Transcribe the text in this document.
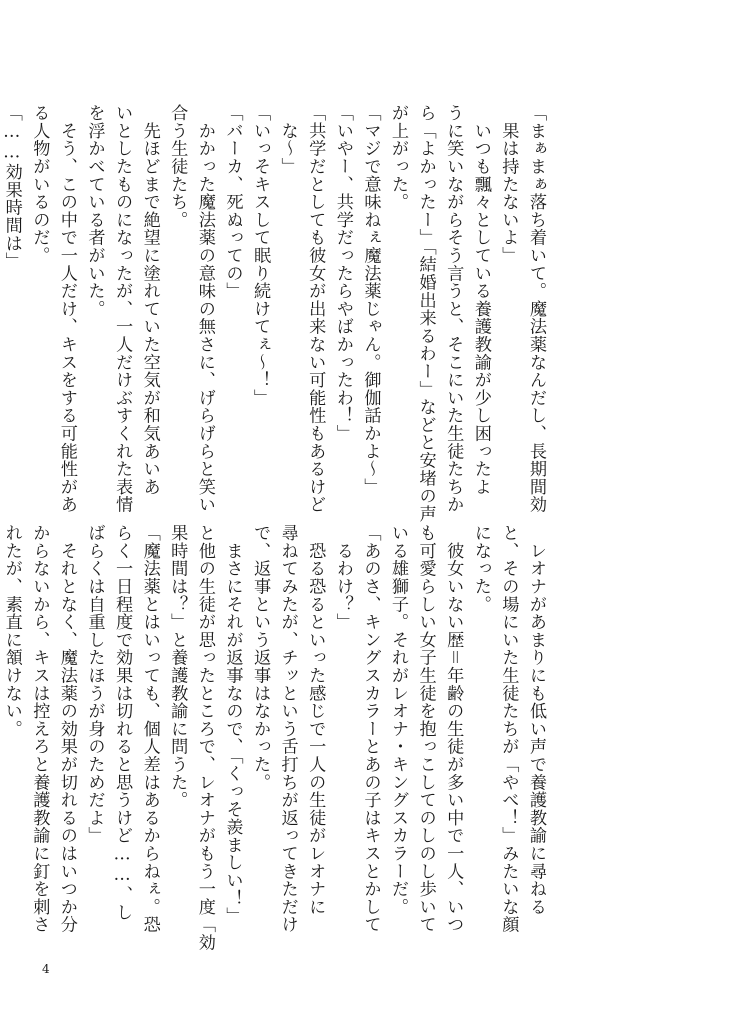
「まぁまぁ落ち着いて。魔法薬なんだし、長期間効
　果は持たないよ」
　いつも飄々としている養護教諭が少し困ったよ
うに笑いながらそう言うと、そこにいた生徒たちか
ら「よかったー」「結婚出来るわー」などと安堵の声
が上がった。
「マジで意味ねぇ魔法薬じゃん。御伽話かよ～」
「いやー、共学だったらやばかったわ！」
「共学だとしても彼女が出来ない可能性もあるけど
　な～」
「いっそキスして眠り続けてぇ～！」
「バーカ、死ぬっての」
　かかった魔法薬の意味の無さに、げらげらと笑い
合う生徒たち。
　先ほどまで絶望に塗れていた空気が和気あいあ
いとしたものになったが、一人だけぶすくれた表情
を浮かべている者がいた。
　そう、この中で一人だけ、キスをする可能性があ
る人物がいるのだ。
「……効果時間は」
　レオナがあまりにも低い声で養護教諭に尋ねる
と、その場にいた生徒たちが「やべ！」みたいな顔
になった。
　彼女いない歴＝年齢の生徒が多い中で一人、いつ
も可愛らしい女子生徒を抱っこしてのしのし歩いて
いる雄獅子。それがレオナ・キングスカラーだ。
「あのさ、キングスカラーとあの子はキスとかして
　るわけ？」
　恐る恐るといった感じで一人の生徒がレオナに
尋ねてみたが、チッという舌打ちが返ってきただけ
で、返事という返事はなかった。
　まさにそれが返事なので、「くっそ羨ましい！」
と他の生徒が思ったところで、レオナがもう一度「効
果時間は？」と養護教諭に問うた。
「魔法薬とはいっても、個人差はあるからねぇ。恐
らく一日程度で効果は切れると思うけど……、し
ばらくは自重したほうが身のためだよ」
　それとなく、魔法薬の効果が切れるのはいつか分
からないから、キスは控えろと養護教諭に釘を刺さ
れたが、素直に頷けない。
4
